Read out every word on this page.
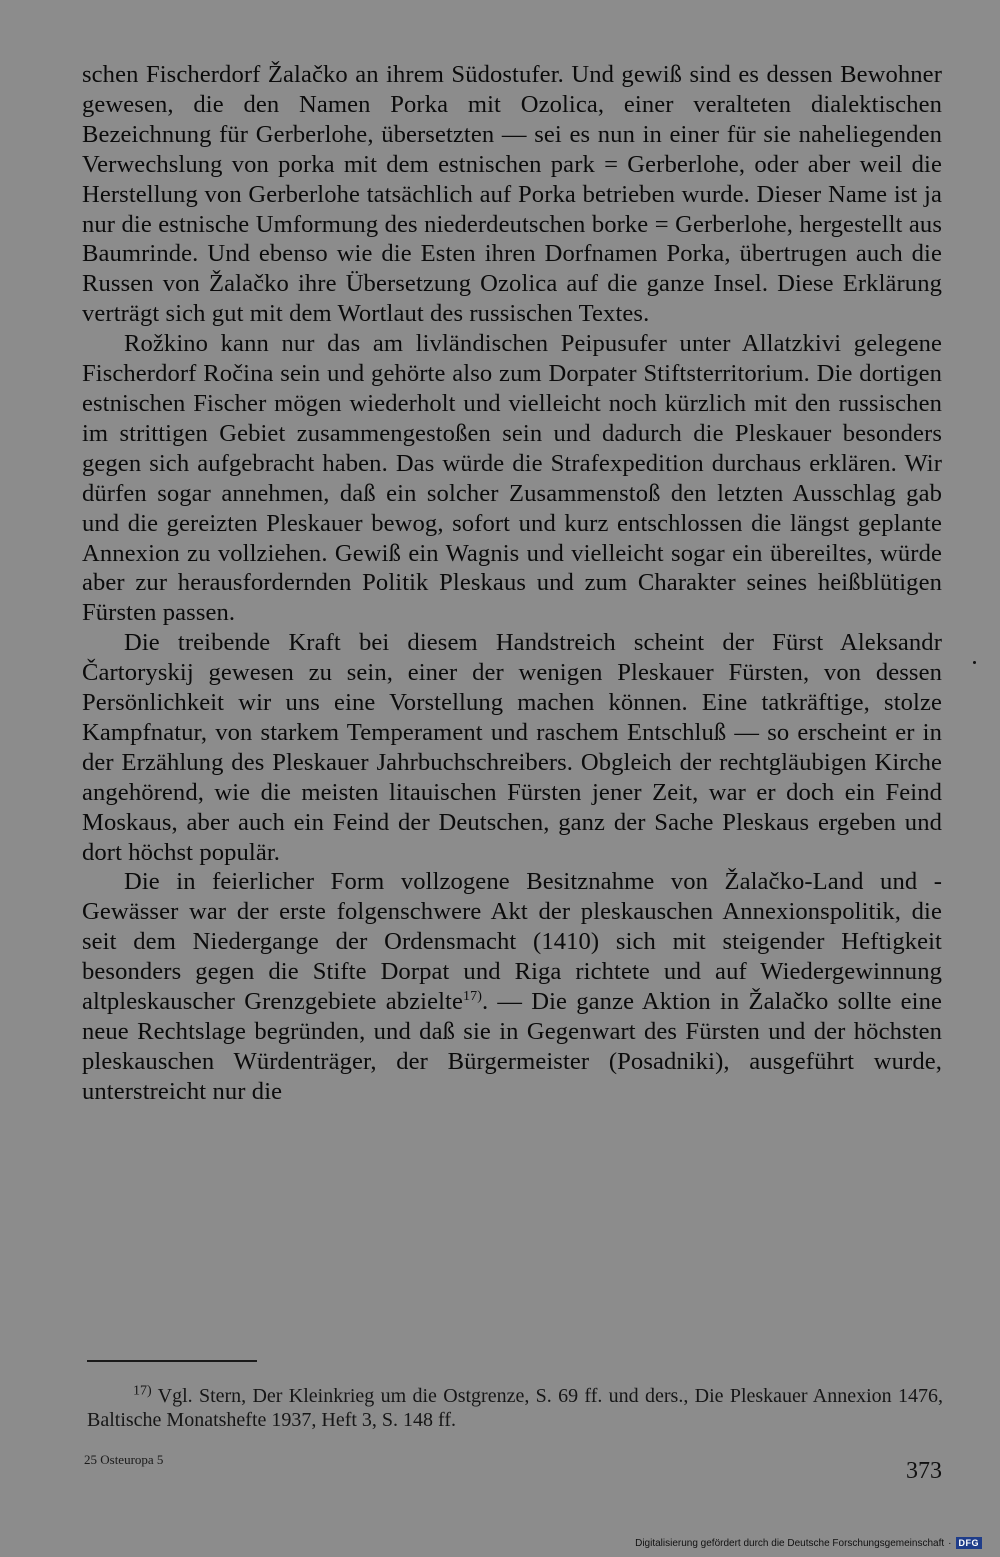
schen Fischerdorf Žalačko an ihrem Südostufer. Und gewiß sind es dessen Bewohner gewesen, die den Namen Porka mit Ozolica, einer veralteten dialektischen Bezeichnung für Gerberlohe, übersetzten — sei es nun in einer für sie naheliegenden Verwechslung von porka mit dem estnischen park = Gerberlohe, oder aber weil die Herstellung von Gerberlohe tatsächlich auf Porka betrieben wurde. Dieser Name ist ja nur die estnische Umformung des niederdeutschen borke = Gerberlohe, hergestellt aus Baumrinde. Und ebenso wie die Esten ihren Dorfnamen Porka, übertrugen auch die Russen von Žalačko ihre Übersetzung Ozolica auf die ganze Insel. Diese Erklärung verträgt sich gut mit dem Wortlaut des russischen Textes.

Rožkino kann nur das am livländischen Peipusufer unter Allatzkivi gelegene Fischerdorf Ročina sein und gehörte also zum Dorpater Stiftsterritorium. Die dortigen estnischen Fischer mögen wiederholt und vielleicht noch kürzlich mit den russischen im strittigen Gebiet zusammengestoßen sein und dadurch die Pleskauer besonders gegen sich aufgebracht haben. Das würde die Strafexpedition durchaus erklären. Wir dürfen sogar annehmen, daß ein solcher Zusammenstoß den letzten Ausschlag gab und die gereizten Pleskauer bewog, sofort und kurz entschlossen die längst geplante Annexion zu vollziehen. Gewiß ein Wagnis und vielleicht sogar ein übereiltes, würde aber zur herausfordernden Politik Pleskaus und zum Charakter seines heißblütigen Fürsten passen.

Die treibende Kraft bei diesem Handstreich scheint der Fürst Aleksandr Čartoryskij gewesen zu sein, einer der wenigen Pleskauer Fürsten, von dessen Persönlichkeit wir uns eine Vorstellung machen können. Eine tatkräftige, stolze Kampfnatur, von starkem Temperament und raschem Entschluß — so erscheint er in der Erzählung des Pleskauer Jahrbuchschreibers. Obgleich der rechtgläubigen Kirche angehörend, wie die meisten litauischen Fürsten jener Zeit, war er doch ein Feind Moskaus, aber auch ein Feind der Deutschen, ganz der Sache Pleskaus ergeben und dort höchst populär.

Die in feierlicher Form vollzogene Besitznahme von Žalačko-Land und -Gewässer war der erste folgenschwere Akt der pleskauschen Annexionspolitik, die seit dem Niedergange der Ordensmacht (1410) sich mit steigender Heftigkeit besonders gegen die Stifte Dorpat und Riga richtete und auf Wiedergewinnung altpleskauscher Grenzgebiete abzielte$^{17)}$. — Die ganze Aktion in Žalačko sollte eine neue Rechtslage begründen, und daß sie in Gegenwart des Fürsten und der höchsten pleskauschen Würdenträger, der Bürgermeister (Posadniki), ausgeführt wurde, unterstreicht nur die

$^{17)}$ Vgl. Stern, Der Kleinkrieg um die Ostgrenze, S. 69 ff. und ders., Die Pleskauer Annexion 1476, Baltische Monatshefte 1937, Heft 3, S. 148 ff.

25 Osteuropa 5	373
Digitalisierung gefördert durch die Deutsche Forschungsgemeinschaft · DFG
